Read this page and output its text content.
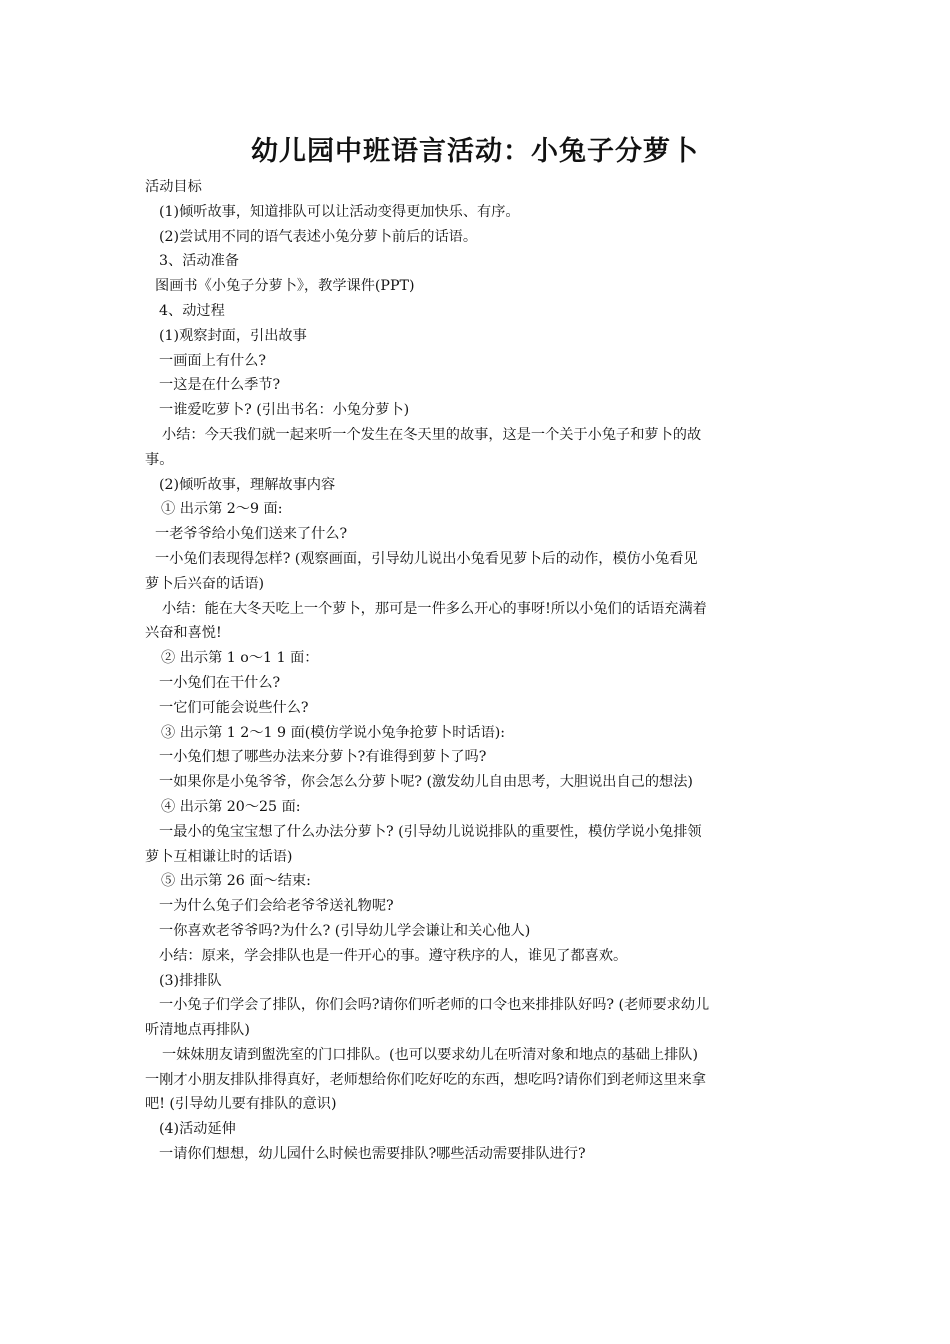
幼儿园中班语言活动：小兔子分萝卜
活动目标
(1)倾听故事，知道排队可以让活动变得更加快乐、有序。
(2)尝试用不同的语气表述小兔分萝卜前后的话语。
3、活动准备
图画书《小兔子分萝卜》，教学课件(PPT)
4、动过程
(1)观察封面，引出故事
一画面上有什么?
一这是在什么季节?
一谁爱吃萝卜? (引出书名：小兔分萝卜)
小结：今天我们就一起来听一个发生在冬天里的故事，这是一个关于小兔子和萝卜的故
事。
(2)倾听故事，理解故事内容
① 出示第 2～9 面:
一老爷爷给小兔们送来了什么?
一小兔们表现得怎样? (观察画面，引导幼儿说出小兔看见萝卜后的动作，模仿小兔看见
萝卜后兴奋的话语)
小结：能在大冬天吃上一个萝卜，那可是一件多么开心的事呀!所以小兔们的话语充满着
兴奋和喜悦!
② 出示第 1 o～1 1 面：
一小兔们在干什么?
一它们可能会说些什么?
③ 出示第 1 2～1 9 面(模仿学说小兔争抢萝卜时话语):
一小兔们想了哪些办法来分萝卜?有谁得到萝卜了吗?
一如果你是小兔爷爷，你会怎么分萝卜呢? (激发幼儿自由思考，大胆说出自己的想法)
④ 出示第 20～25 面:
一最小的兔宝宝想了什么办法分萝卜? (引导幼儿说说排队的重要性，模仿学说小兔排领
萝卜互相谦让时的话语)
⑤ 出示第 26 面～结束:
一为什么兔子们会给老爷爷送礼物呢?
一你喜欢老爷爷吗?为什么? (引导幼儿学会谦让和关心他人)
小结：原来，学会排队也是一件开心的事。遵守秩序的人，谁见了都喜欢。
(3)排排队
一小兔子们学会了排队，你们会吗?请你们听老师的口令也来排排队好吗? (老师要求幼儿
听清地点再排队)
一妹妹朋友请到盥洗室的门口排队。(也可以要求幼儿在听清对象和地点的基础上排队)
一刚才小朋友排队排得真好，老师想给你们吃好吃的东西，想吃吗?请你们到老师这里来拿
吧! (引导幼儿要有排队的意识)
(4)活动延伸
一请你们想想，幼儿园什么时候也需要排队?哪些活动需要排队进行?
